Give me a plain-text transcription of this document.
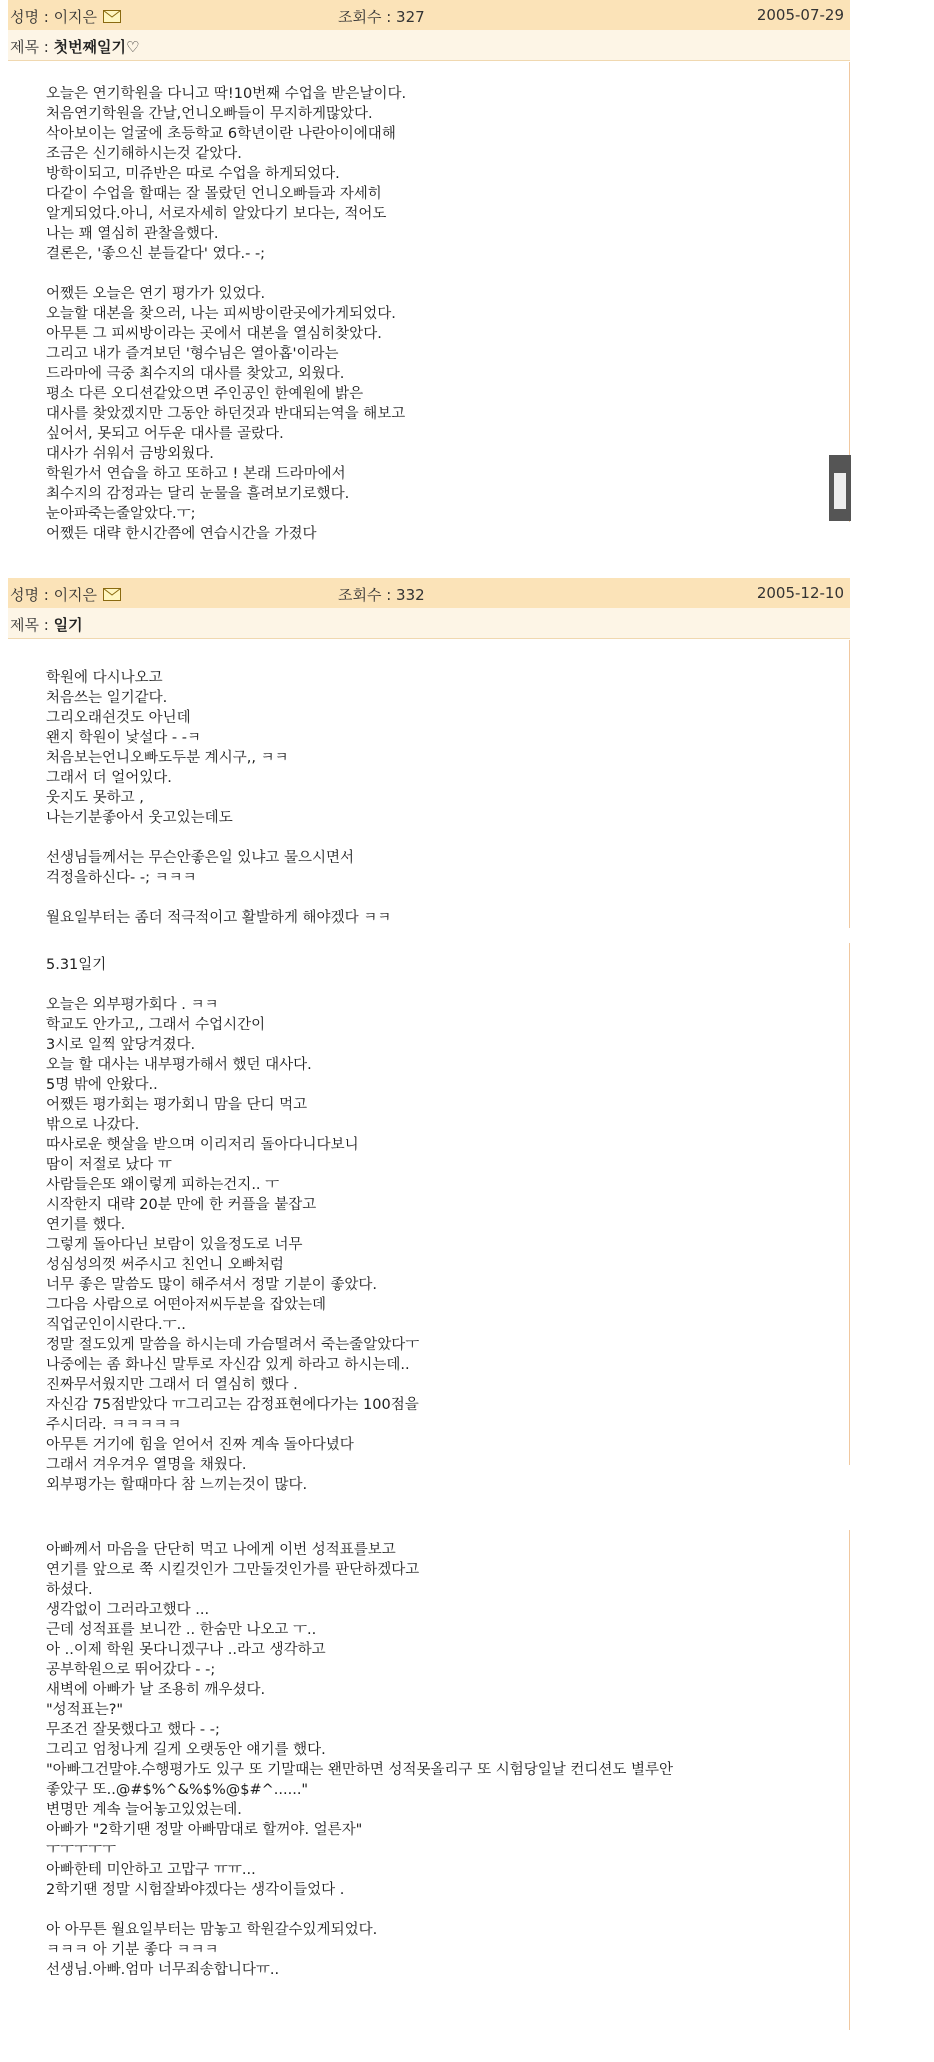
성명 : 이지은	조회수 : 327	2005-07-29
제목 : 첫번째일기♡

오늘은 연기학원을 다니고 딱!10번째 수업을 받은날이다.

처음연기학원을 간날,언니오빠들이 무지하게많았다.

삭아보이는 얼굴에 초등학교 6학년이란 나란아이에대해

조금은 신기해하시는것 같았다.

방학이되고, 미쥬반은 따로 수업을 하게되었다.

다같이 수업을 할때는 잘 몰랐던 언니오빠들과 자세히

알게되었다.아니, 서로자세히 알았다기 보다는, 적어도

나는 꽤 열심히 관찰을했다.

결론은, '좋으신 분들같다' 였다.- -;

어쨌든 오늘은 연기 평가가 있었다.

오늘할 대본을 찾으러, 나는 피씨방이란곳에가게되었다.

아무튼 그 피씨방이라는 곳에서 대본을 열심히찾았다.

그리고 내가 즐겨보던 '형수님은 열아홉'이라는

드라마에 극중 최수지의 대사를 찾았고, 외웠다.

평소 다른 오디션같았으면 주인공인 한예원에 밝은

대사를 찾았겠지만 그동안 하던것과 반대되는역을 해보고

싶어서, 못되고 어두운 대사를 골랐다.

대사가 쉬워서 금방외웠다.

학원가서 연습을 하고 또하고 ! 본래 드라마에서

최수지의 감정과는 달리 눈물을 흘려보기로했다.

눈아파죽는줄알았다.ㅜ;

어쨌든 대략 한시간쯤에 연습시간을 가졌다

성명 : 이지은	조회수 : 332	2005-12-10
제목 : 일기

학원에 다시나오고

처음쓰는 일기같다.

그리오래쉰것도 아닌데

왠지 학원이 낯설다 - -ㅋ

처음보는언니오빠도두분 계시구,, ㅋㅋ

그래서 더 얼어있다.

웃지도 못하고 ,

나는기분좋아서 웃고있는데도

선생님들께서는 무슨안좋은일 있냐고 물으시면서

걱정을하신다- -; ㅋㅋㅋ

월요일부터는 좀더 적극적이고 활발하게 해야겠다 ㅋㅋ

5.31일기

오늘은 외부평가회다 . ㅋㅋ

학교도 안가고,, 그래서 수업시간이

3시로 일찍 앞당겨졌다.

오늘 할 대사는 내부평가해서 했던 대사다.

5명 밖에 안왔다..

어쨌든 평가회는 평가회니 맘을 단디 먹고

밖으로 나갔다.

따사로운 햇살을 받으며 이리저리 돌아다니다보니

땀이 저절로 났다 ㅠ

사람들은또 왜이렇게 피하는건지.. ㅜ

시작한지 대략 20분 만에 한 커플을 붙잡고

연기를 했다.

그렇게 돌아다닌 보람이 있을정도로 너무

성심성의껏 써주시고 친언니 오빠처럼

너무 좋은 말씀도 많이 해주셔서 정말 기분이 좋았다.

그다음 사람으로 어떤아저씨두분을 잡았는데

직업군인이시란다.ㅜ..

정말 절도있게 말씀을 하시는데 가슴떨려서 죽는줄알았다ㅜ

나중에는 좀 화나신 말투로 자신감 있게 하라고 하시는데..

진짜무서웠지만 그래서 더 열심히 했다 .

자신감 75점받았다 ㅠ그리고는 감정표현에다가는 100점을

주시더라. ㅋㅋㅋㅋㅋ

아무튼 거기에 힘을 얻어서 진짜 계속 돌아다녔다

그래서 겨우겨우 열명을 채웠다.

외부평가는 할때마다 참 느끼는것이 많다.

아빠께서 마음을 단단히 먹고 나에게 이번 성적표를보고

연기를 앞으로 쭉 시킬것인가 그만둘것인가를 판단하겠다고

하셨다.

생각없이 그러라고했다 ...

근데 성적표를 보니깐 .. 한숨만 나오고 ㅜ..

아 ..이제 학원 못다니겠구나 ..라고 생각하고

공부학원으로 뛰어갔다 - -;

새벽에 아빠가 날 조용히 깨우셨다.

"성적표는?"

무조건 잘못했다고 했다 - -;

그리고 엄청나게 길게 오랫동안 얘기를 했다.

"아빠그건말야.수행평가도 있구 또 기말때는 왠만하면 성적못올리구 또 시험당일날 컨디션도 별루안

좋았구 또..@#$%^&%$%@$#^......"

변명만 계속 늘어놓고있었는데.

아빠가 "2학기땐 정말 아빠맘대로 할꺼야. 얼른자"

ㅜㅜㅜㅜㅜ

아빠한테 미안하고 고맙구 ㅠㅠ...

2학기땐 정말 시험잘봐야겠다는 생각이들었다 .

아 아무튼 월요일부터는 맘놓고 학원갈수있게되었다.

ㅋㅋㅋ 아 기분 좋다 ㅋㅋㅋ

선생님.아빠.엄마 너무죄송합니다ㅠ..
